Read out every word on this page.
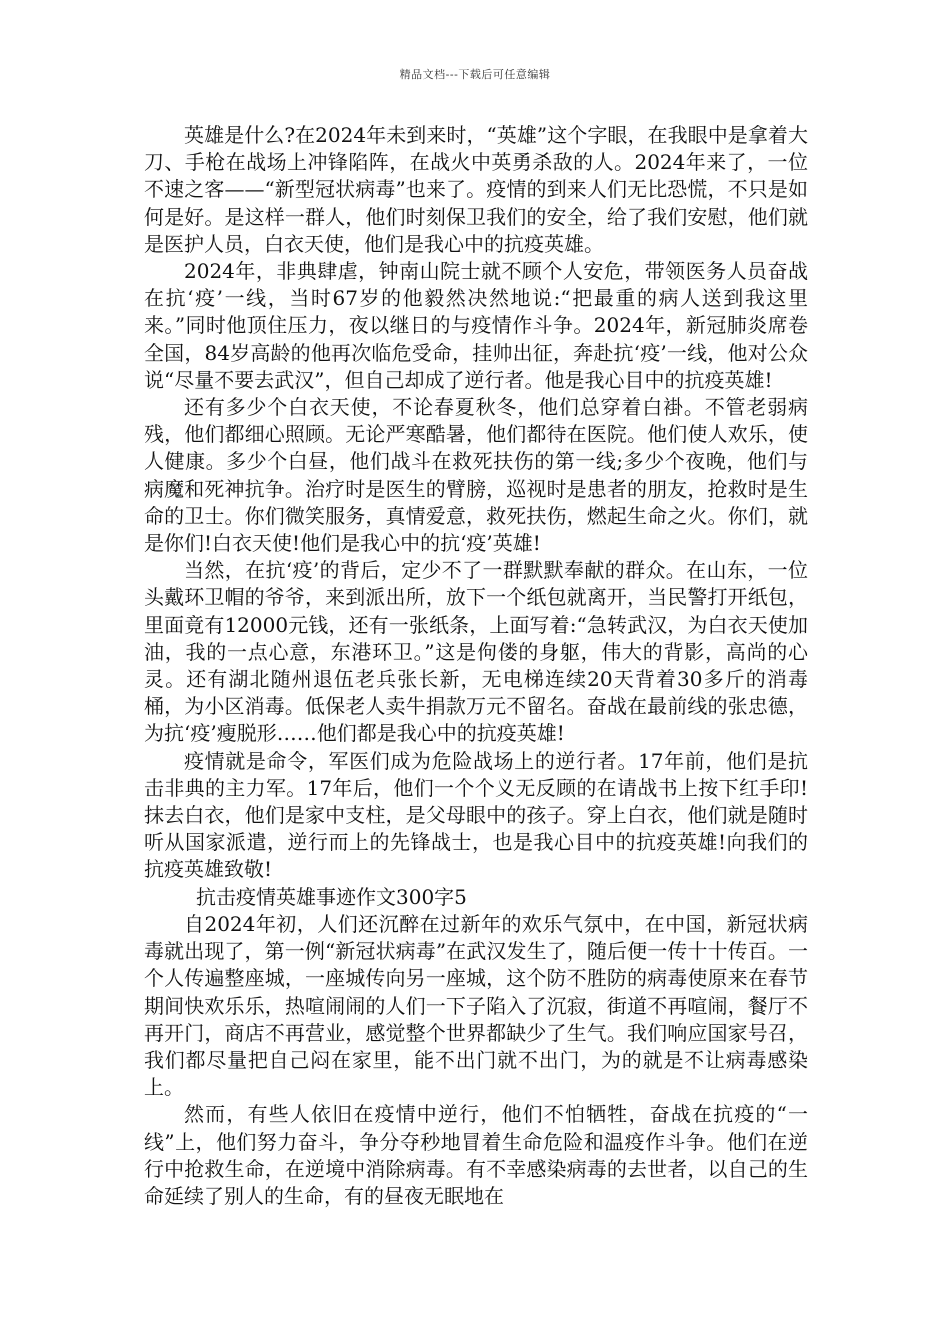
精品文档---下载后可任意编辑

英雄是什么?在2024年未到来时，“英雄”这个字眼，在我眼中是拿着大刀、手枪在战场上冲锋陷阵，在战火中英勇杀敌的人。2024年来了，一位不速之客——“新型冠状病毒”也来了。疫情的到来人们无比恐慌，不只是如何是好。是这样一群人，他们时刻保卫我们的安全，给了我们安慰，他们就是医护人员，白衣天使，他们是我心中的抗疫英雄。

2024年，非典肆虐，钟南山院士就不顾个人安危，带领医务人员奋战在抗‘疫’一线，当时67岁的他毅然决然地说:“把最重的病人送到我这里来。”同时他顶住压力，夜以继日的与疫情作斗争。2024年，新冠肺炎席卷全国，84岁高龄的他再次临危受命，挂帅出征，奔赴抗‘疫’一线，他对公众说“尽量不要去武汉”，但自己却成了逆行者。他是我心目中的抗疫英雄!

还有多少个白衣天使，不论春夏秋冬，他们总穿着白褂。不管老弱病残，他们都细心照顾。无论严寒酷暑，他们都待在医院。他们使人欢乐，使人健康。多少个白昼，他们战斗在救死扶伤的第一线;多少个夜晚，他们与病魔和死神抗争。治疗时是医生的臂膀，巡视时是患者的朋友，抢救时是生命的卫士。你们微笑服务，真情爱意，救死扶伤，燃起生命之火。你们，就是你们!白衣天使!他们是我心中的抗‘疫’英雄!

当然，在抗‘疫’的背后，定少不了一群默默奉献的群众。在山东，一位头戴环卫帽的爷爷，来到派出所，放下一个纸包就离开，当民警打开纸包，里面竟有12000元钱，还有一张纸条，上面写着:“急转武汉，为白衣天使加油，我的一点心意，东港环卫。”这是佝偻的身躯，伟大的背影，高尚的心灵。还有湖北随州退伍老兵张长新，无电梯连续20天背着30多斤的消毒桶，为小区消毒。低保老人卖牛捐款万元不留名。奋战在最前线的张忠德，为抗‘疫’瘦脱形……他们都是我心中的抗疫英雄!

疫情就是命令，军医们成为危险战场上的逆行者。17年前，他们是抗击非典的主力军。17年后，他们一个个义无反顾的在请战书上按下红手印!抹去白衣，他们是家中支柱，是父母眼中的孩子。穿上白衣，他们就是随时听从国家派遣，逆行而上的先锋战士，也是我心目中的抗疫英雄!向我们的抗疫英雄致敬!

抗击疫情英雄事迹作文300字5

自2024年初，人们还沉醉在过新年的欢乐气氛中，在中国，新冠状病毒就出现了，第一例“新冠状病毒”在武汉发生了，随后便一传十十传百。一个人传遍整座城，一座城传向另一座城，这个防不胜防的病毒使原来在春节期间快欢乐乐，热喧闹闹的人们一下子陷入了沉寂，街道不再喧闹，餐厅不再开门，商店不再营业，感觉整个世界都缺少了生气。我们响应国家号召，我们都尽量把自己闷在家里，能不出门就不出门，为的就是不让病毒感染上。

然而，有些人依旧在疫情中逆行，他们不怕牺牲，奋战在抗疫的“一线”上，他们努力奋斗，争分夺秒地冒着生命危险和温疫作斗争。他们在逆行中抢救生命，在逆境中消除病毒。有不幸感染病毒的去世者，以自己的生命延续了别人的生命，有的昼夜无眠地在
